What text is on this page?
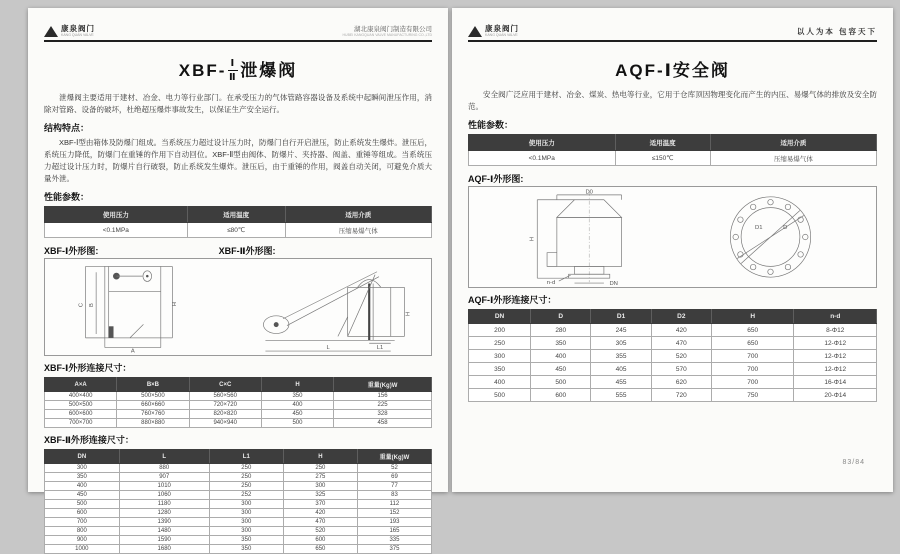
康泉阀门
KANG QUAN VALVE
湖北康泉阀门制造有限公司
HUBEI KANGQUAN VALVE MANUFACTURING CO.,LTD
$XBF- \frac{\text{Ⅰ}}{\text{Ⅱ}}$ 泄爆阀
泄爆阀主要适用于建材、冶金、电力等行业部门。在承受压力的气体管路容器设备及系统中起瞬间泄压作用，消除对管路、设备的破坏，杜绝超压爆炸事故发生，以保证生产安全运行。
结构特点：
XBF-Ⅰ型由箱体及防爆门组成。当系统压力超过设计压力时，防爆门自行开启泄压，防止系统发生爆炸。泄压后，系统压力降低，防爆门在重锤的作用下自动回位。XBF-Ⅱ型由阀体、防爆片、夹持器、阀盖、重锤等组成。当系统压力超过设计压力时，防爆片自行破裂，防止系统发生爆炸。泄压后，由于重锤的作用，阀盖自动关闭，可避免介质大量外泄。
性能参数：
使用压力	适用温度	适用介质
<0.1MPa	≤80℃	压缩易爆气体
XBF-Ⅰ外形图:	XBF-Ⅱ外形图:
C B	H
A
H
L1
L
XBF-Ⅰ外形连接尺寸：
A×A	B×B	C×C	H	重量(Kg)W
400×400	500×500	560×560	350	156
500×500	660×660	720×720	400	225
600×600	760×760	820×820	450	328
700×700	880×880	940×940	500	458
XBF-Ⅱ外形连接尺寸：
DN	L	L1	H	重量(Kg)W
300	880	250	250	52
350	907	250	275	69
400	1010	250	300	77
450	1060	252	325	83
500	1180	300	370	112
600	1280	300	420	152
700	1390	300	470	193
800	1480	300	520	165
900	1590	350	600	335
1000	1680	350	650	375
康泉阀门
KANG QUAN VALVE	以人为本 包容天下
AQF-Ⅰ安全阀
安全阀广泛应用于建材、冶金、煤炭、热电等行业，它用于仓库顶因物理变化而产生的内压、易爆气体的排放及安全防范。
性能参数：
使用压力	适用温度	适用介质
<0.1MPa	≤150℃	压缩易爆气体
AQF-Ⅰ外形图:
D0
H
DN
n-d
D1	D
AQF-Ⅰ外形连接尺寸：
DN	D	D1	D2	H	n-d
200	280	245	420	650	8-Φ12
250	350	305	470	650	12-Φ12
300	400	355	520	700	12-Φ12
350	450	405	570	700	12-Φ12
400	500	455	620	700	16-Φ14
500	600	555	720	750	20-Φ14
83/84
